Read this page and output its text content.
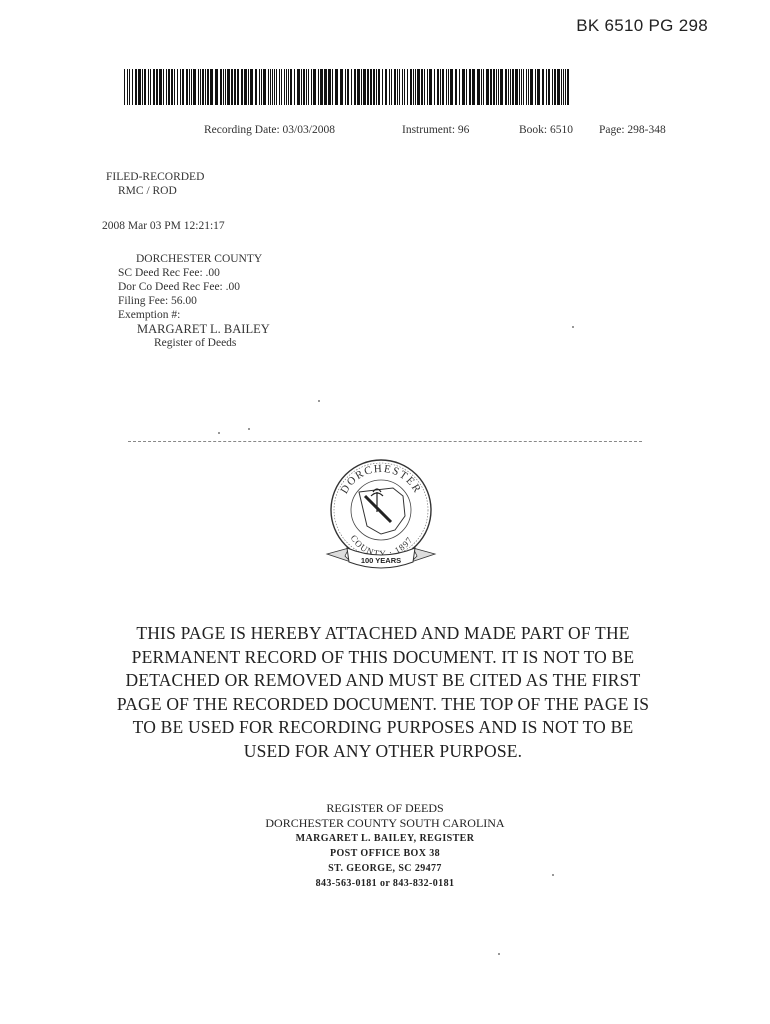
BK 6510 PG 298
Recording Date: 03/03/2008	Instrument: 96	Book: 6510 Page: 298-348
FILED-RECORDED
RMC / ROD
2008 Mar 03 PM 12:21:17
DORCHESTER COUNTY
SC Deed Rec Fee: .00
Dor Co Deed Rec Fee: .00
Filing Fee: 56.00
Exemption #:
MARGARET L. BAILEY
Register of Deeds
DORCHESTER
COUNTY · 1897
100 YEARS
THIS PAGE IS HEREBY ATTACHED AND MADE PART OF THE PERMANENT RECORD OF THIS DOCUMENT. IT IS NOT TO BE DETACHED OR REMOVED AND MUST BE CITED AS THE FIRST PAGE OF THE RECORDED DOCUMENT. THE TOP OF THE PAGE IS TO BE USED FOR RECORDING PURPOSES AND IS NOT TO BE USED FOR ANY OTHER PURPOSE.
REGISTER OF DEEDS
DORCHESTER COUNTY SOUTH CAROLINA
MARGARET L. BAILEY, REGISTER
POST OFFICE BOX 38
ST. GEORGE, SC 29477
843-563-0181 or 843-832-0181
